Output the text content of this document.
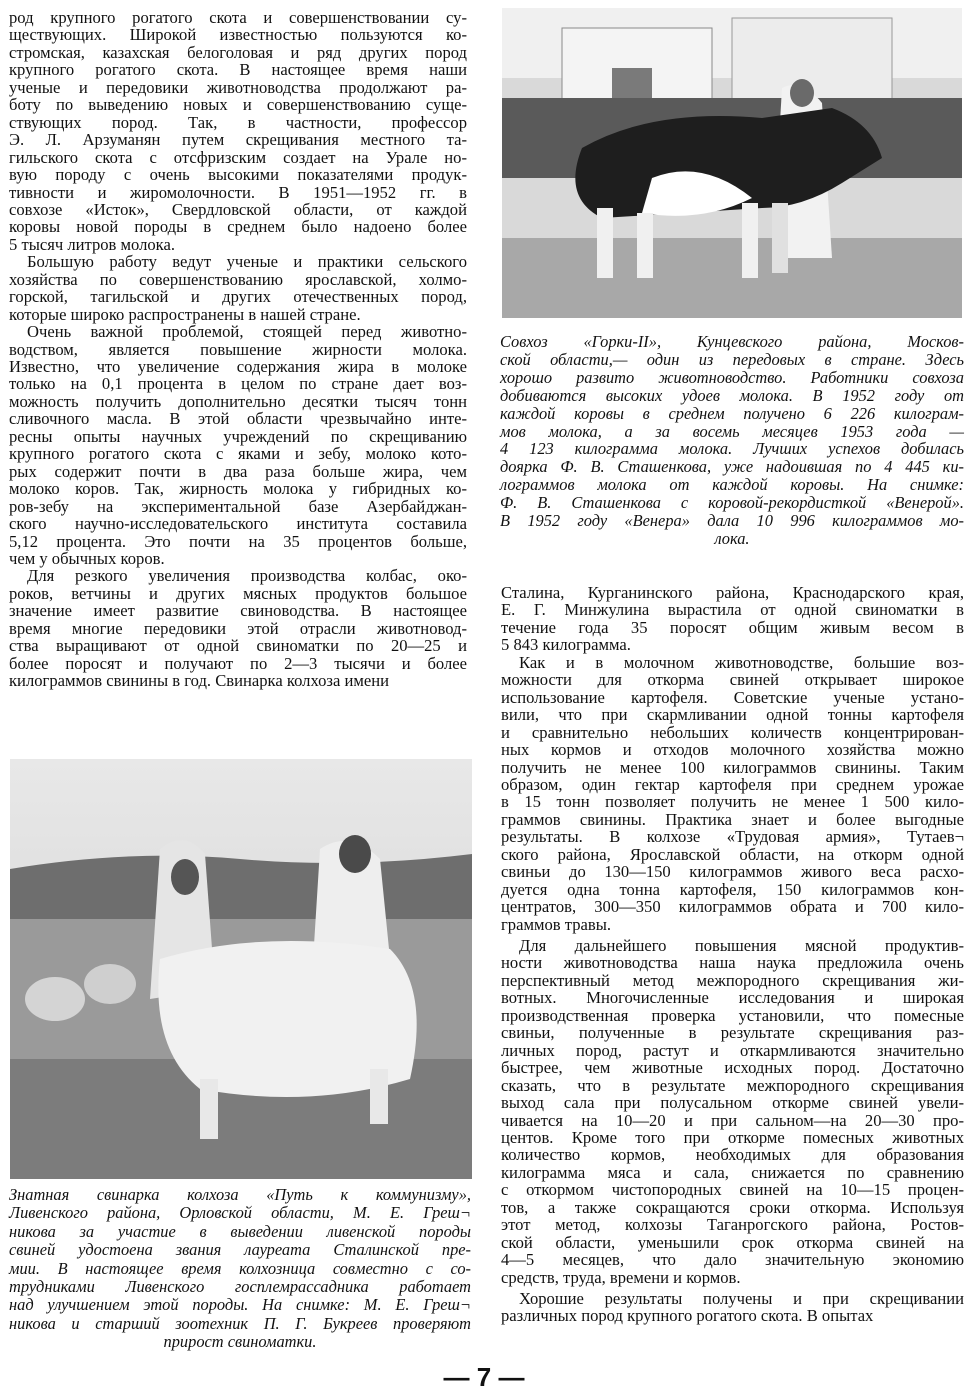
род крупного рогатого скота и совершенствовании су-
ществующих. Широкой известностью пользуются ко-
стромская, казахская белоголовая и ряд других пород
крупного рогатого скота. В настоящее время наши
ученые и передовики животноводства продолжают ра-
боту по выведению новых и совершенствованию суще-
ствующих пород. Так, в частности, профессор
Э. Л. Арзуманян путем скрещивания местного та-
гильского скота с отсфризским создает на Урале но-
вую породу с очень высокими показателями продук-
тивности и жиромолочности. В 1951—1952 гг. в
совхозе «Исток», Свердловской области, от каждой
коровы новой породы в среднем было надоено более
5 тысяч литров молока.
Большую работу ведут ученые и практики сельского
хозяйства по совершенствованию ярославской, холмо-
горской, тагильской и других отечественных пород,
которые широко распространены в нашей стране.
Очень важной проблемой, стоящей перед животно-
водством, является повышение жирности молока.
Известно, что увеличение содержания жира в молоке
только на 0,1 процента в целом по стране дает воз-
можность получить дополнительно десятки тысяч тонн
сливочного масла. В этой области чрезвычайно инте-
ресны опыты научных учреждений по скрещиванию
крупного рогатого скота с яками и зебу, молоко кото-
рых содержит почти в два раза больше жира, чем
молоко коров. Так, жирность молока у гибридных ко-
ров-зебу на экспериментальной базе Азербайджан-
ского научно-исследовательского института составила
5,12 процента. Это почти на 35 процентов больше,
чем у обычных коров.
Для резкого увеличения производства колбас, око-
роков, ветчины и других мясных продуктов большое
значение имеет развитие свиноводства. В настоящее
время многие передовики этой отрасли животновод-
ства выращивают от одной свиноматки по 20—25 и
более поросят и получают по 2—3 тысячи и более
килограммов свинины в год. Свинарка колхоза имени
Знатная свинарка колхоза «Путь к коммунизму»,
Ливенского района, Орловской области, М. Е. Греш¬
никова за участие в выведении ливенской породы
свиней удостоена звания лауреата Сталинской пре-
мии. В настоящее время колхозница совместно с со-
трудниками Ливенского госплемрассадника работает
над улучшением этой породы. На снимке: М. Е. Греш¬
никова и старший зоотехник П. Г. Букреев проверяют
прирост свиноматки.
Совхоз «Горки-II», Кунцевского района, Москов-
ской области,— один из передовых в стране. Здесь
хорошо развито животноводство. Работники совхоза
добиваются высоких удоев молока. В 1952 году от
каждой коровы в среднем получено 6 226 килограм-
мов молока, а за восемь месяцев 1953 года —
4 123 килограмма молока. Лучших успехов добилась
доярка Ф. В. Сташенкова, уже надоившая по 4 445 ки-
лограммов молока от каждой коровы. На снимке:
Ф. В. Сташенкова с коровой-рекордисткой «Венерой».
В 1952 году «Венера» дала 10 996 килограммов мо-
лока.
Сталина, Курганинского района, Краснодарского края,
Е. Г. Минжулина вырастила от одной свиноматки в
течение года 35 поросят общим живым весом в
5 843 килограмма.
Как и в молочном животноводстве, большие воз-
можности для откорма свиней открывает широкое
использование картофеля. Советские ученые устано-
вили, что при скармливании одной тонны картофеля
и сравнительно небольших количеств концентрирован-
ных кормов и отходов молочного хозяйства можно
получить не менее 100 килограммов свинины. Таким
образом, один гектар картофеля при среднем урожае
в 15 тонн позволяет получить не менее 1 500 кило-
граммов свинины. Практика знает и более выгодные
результаты. В колхозе «Трудовая армия», Тутаев¬
ского района, Ярославской области, на откорм одной
свиньи до 130—150 килограммов живого веса расхо-
дуется одна тонна картофеля, 150 килограммов кон-
центратов, 300—350 килограммов обрата и 700 кило-
граммов травы.
Для дальнейшего повышения мясной продуктив-
ности животноводства наша наука предложила очень
перспективный метод межпородного скрещивания жи-
вотных. Многочисленные исследования и широкая
производственная проверка установили, что помесные
свиньи, полученные в результате скрещивания раз-
личных пород, растут и откармливаются значительно
быстрее, чем животные исходных пород. Достаточно
сказать, что в результате межпородного скрещивания
выход сала при полусальном откорме свиней увели-
чивается на 10—20 и при сальном—на 20—30 про-
центов. Кроме того при откорме помесных животных
количество кормов, необходимых для образования
килограмма мяса и сала, снижается по сравнению
с откормом чистопородных свиней на 10—15 процен-
тов, а также сокращаются сроки откорма. Используя
этот метод, колхозы Таганрогского района, Ростов-
ской области, уменьшили срок откорма свиней на
4—5 месяцев, что дало значительную экономию
средств, труда, времени и кормов.
Хорошие результаты получены и при скрещивании
различных пород крупного рогатого скота. В опытах
— 7 —
